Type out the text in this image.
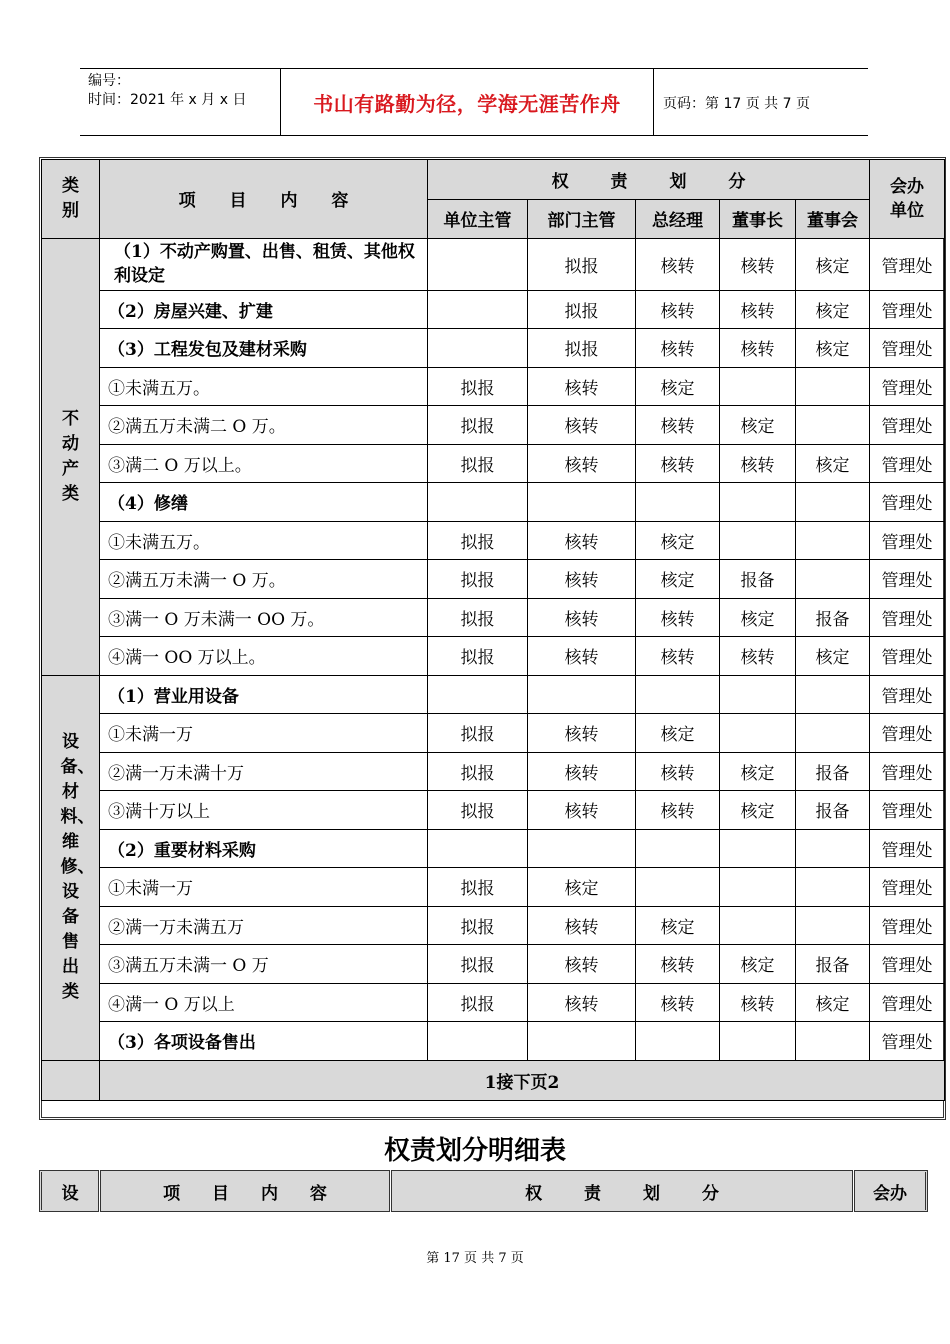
编号：
时间：2021 年 x 月 x 日	书山有路勤为径，学海无涯苦作舟	页码：第 17 页 共 7 页
类别	项 目 内 容	权 责 划 分					会办单位
		单位主管	部门主管	总经理	董事长	董事会	
不动产类	（1）不动产购置、出售、租赁、其他权利设定		拟报	核转	核转	核定	管理处
	（2）房屋兴建、扩建		拟报	核转	核转	核定	管理处
	（3）工程发包及建材采购		拟报	核转	核转	核定	管理处
	①未满五万。	拟报	核转	核定			管理处
	②满五万未满二 O 万。	拟报	核转	核转	核定		管理处
	③满二 O 万以上。	拟报	核转	核转	核转	核定	管理处
	（4）修缮						管理处
	①未满五万。	拟报	核转	核定			管理处
	②满五万未满一 O 万。	拟报	核转	核定	报备		管理处
	③满一 O 万未满一 OO 万。	拟报	核转	核转	核定	报备	管理处
	④满一 OO 万以上。	拟报	核转	核转	核转	核定	管理处
设备、材料、维修、设备售出类	（1）营业用设备						管理处
	①未满一万	拟报	核转	核定			管理处
	②满一万未满十万	拟报	核转	核转	核定	报备	管理处
	③满十万以上	拟报	核转	核转	核定	报备	管理处
	（2）重要材料采购						管理处
	①未满一万	拟报	核定				管理处
	②满一万未满五万	拟报	核转	核定			管理处
	③满五万未满一 O 万	拟报	核转	核转	核定	报备	管理处
	④满一 O 万以上	拟报	核转	核转	核转	核定	管理处
	（3）各项设备售出						管理处
	1接下页2						
权责划分明细表
设	项 目 内 容	权 责 划 分	会办
第 17 页 共 7 页
